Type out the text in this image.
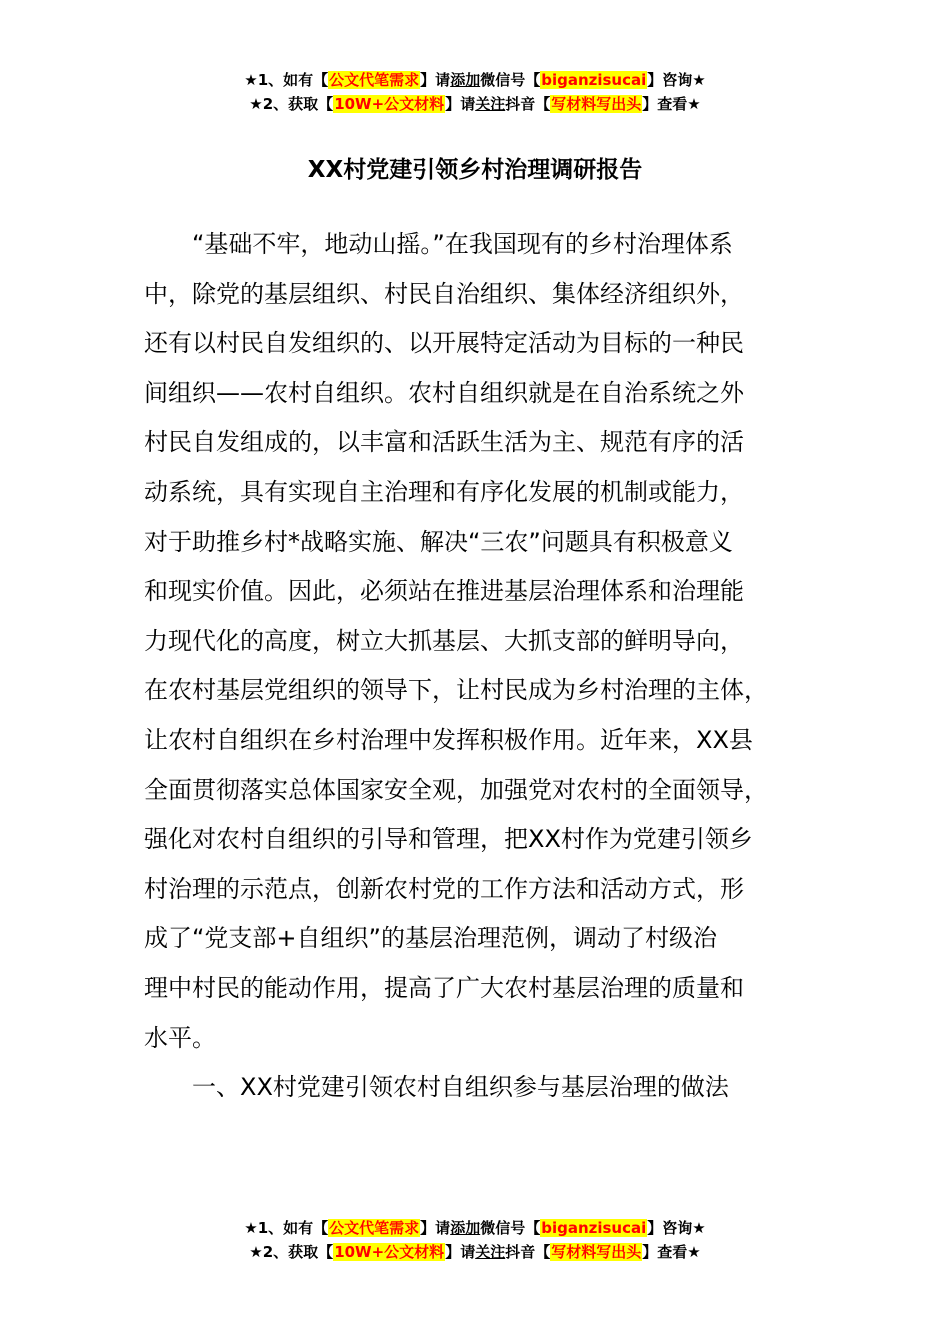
★1、如有【公文代笔需求】请添加微信号【biganzisucai】咨询★
★2、获取【10W+公文材料】请关注抖音【写材料写出头】查看★
XX村党建引领乡村治理调研报告

“基础不牢，地动山摇。”在我国现有的乡村治理体系
中，除党的基层组织、村民自治组织、集体经济组织外，
还有以村民自发组织的、以开展特定活动为目标的一种民
间组织——农村自组织。农村自组织就是在自治系统之外
村民自发组成的，以丰富和活跃生活为主、规范有序的活
动系统，具有实现自主治理和有序化发展的机制或能力，
对于助推乡村*战略实施、解决“三农”问题具有积极意义
和现实价值。因此，必须站在推进基层治理体系和治理能
力现代化的高度，树立大抓基层、大抓支部的鲜明导向，
在农村基层党组织的领导下，让村民成为乡村治理的主体，
让农村自组织在乡村治理中发挥积极作用。近年来，XX县
全面贯彻落实总体国家安全观，加强党对农村的全面领导，
强化对农村自组织的引导和管理，把XX村作为党建引领乡
村治理的示范点，创新农村党的工作方法和活动方式，形
成了“党支部+自组织”的基层治理范例，调动了村级治
理中村民的能动作用，提高了广大农村基层治理的质量和
水平。

一、XX村党建引领农村自组织参与基层治理的做法

★1、如有【公文代笔需求】请添加微信号【biganzisucai】咨询★
★2、获取【10W+公文材料】请关注抖音【写材料写出头】查看★
